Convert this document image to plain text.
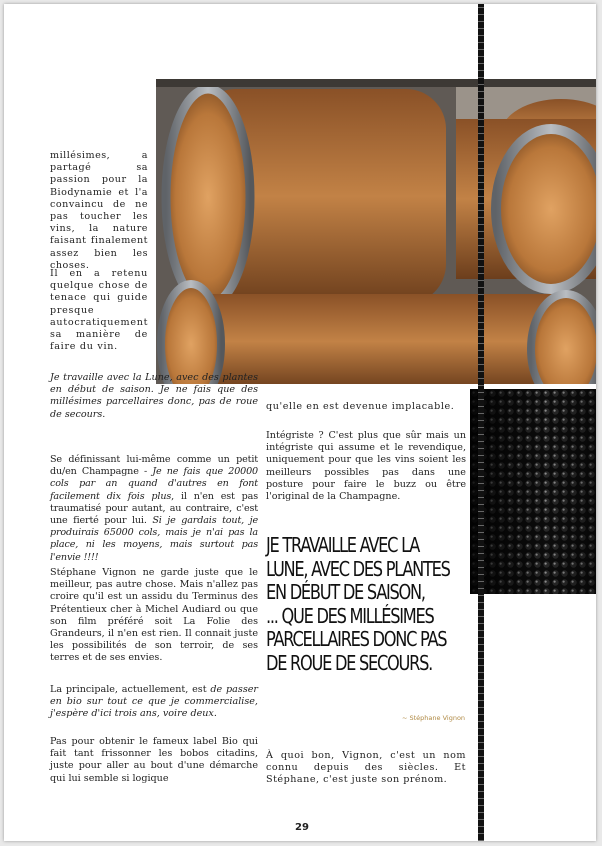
millésimes, a partagé sa passion pour la Biodynamie et l'a convaincu de ne pas toucher les vins, la nature faisant finalement assez bien les choses.

Il en a retenu quelque chose de tenace qui guide presque autocratiquement sa manière de faire du vin.

Je travaille avec la Lune, avec des plantes en début de saison. Je ne fais que des millésimes parcellaires donc, pas de roue de secours.

Se définissant lui-même comme un petit du/en Champagne - Je ne fais que 20000 cols par an quand d'autres en font facilement dix fois plus, il n'en est pas traumatisé pour autant, au contraire, c'est une fierté pour lui. Si je gardais tout, je produirais 65000 cols, mais je n'ai pas la place, ni les moyens, mais surtout pas l'envie !!!!

Stéphane Vignon ne garde juste que le meilleur, pas autre chose. Mais n'allez pas croire qu'il est un assidu du Terminus des Prétentieux cher à Michel Audiard ou que son film préféré soit La Folie des Grandeurs, il n'en est rien. Il connait juste les possibilités de son terroir, de ses terres et de ses envies.

La principale, actuellement, est de passer en bio sur tout ce que je commercialise, j'espère d'ici trois ans, voire deux.

Pas pour obtenir le fameux label Bio qui fait tant frissonner les bobos citadins, juste pour aller au bout d'une démarche qui lui semble si logique

qu'elle en est devenue implacable.

Intégriste ? C'est plus que sûr mais un intégriste qui assume et le revendique, uniquement pour que les vins soient les meilleurs possibles pas dans une posture pour faire le buzz ou être l'original de la Champagne.

JE TRAVAILLE AVEC LA
LUNE, AVEC DES PLANTES
EN DÉBUT DE SAISON,
... QUE DES MILLÉSIMES
PARCELLAIRES DONC PAS
DE ROUE DE SECOURS.
~ Stéphane Vignon

À quoi bon, Vignon, c'est un nom connu depuis des siècles. Et Stéphane, c'est juste son prénom.

29
